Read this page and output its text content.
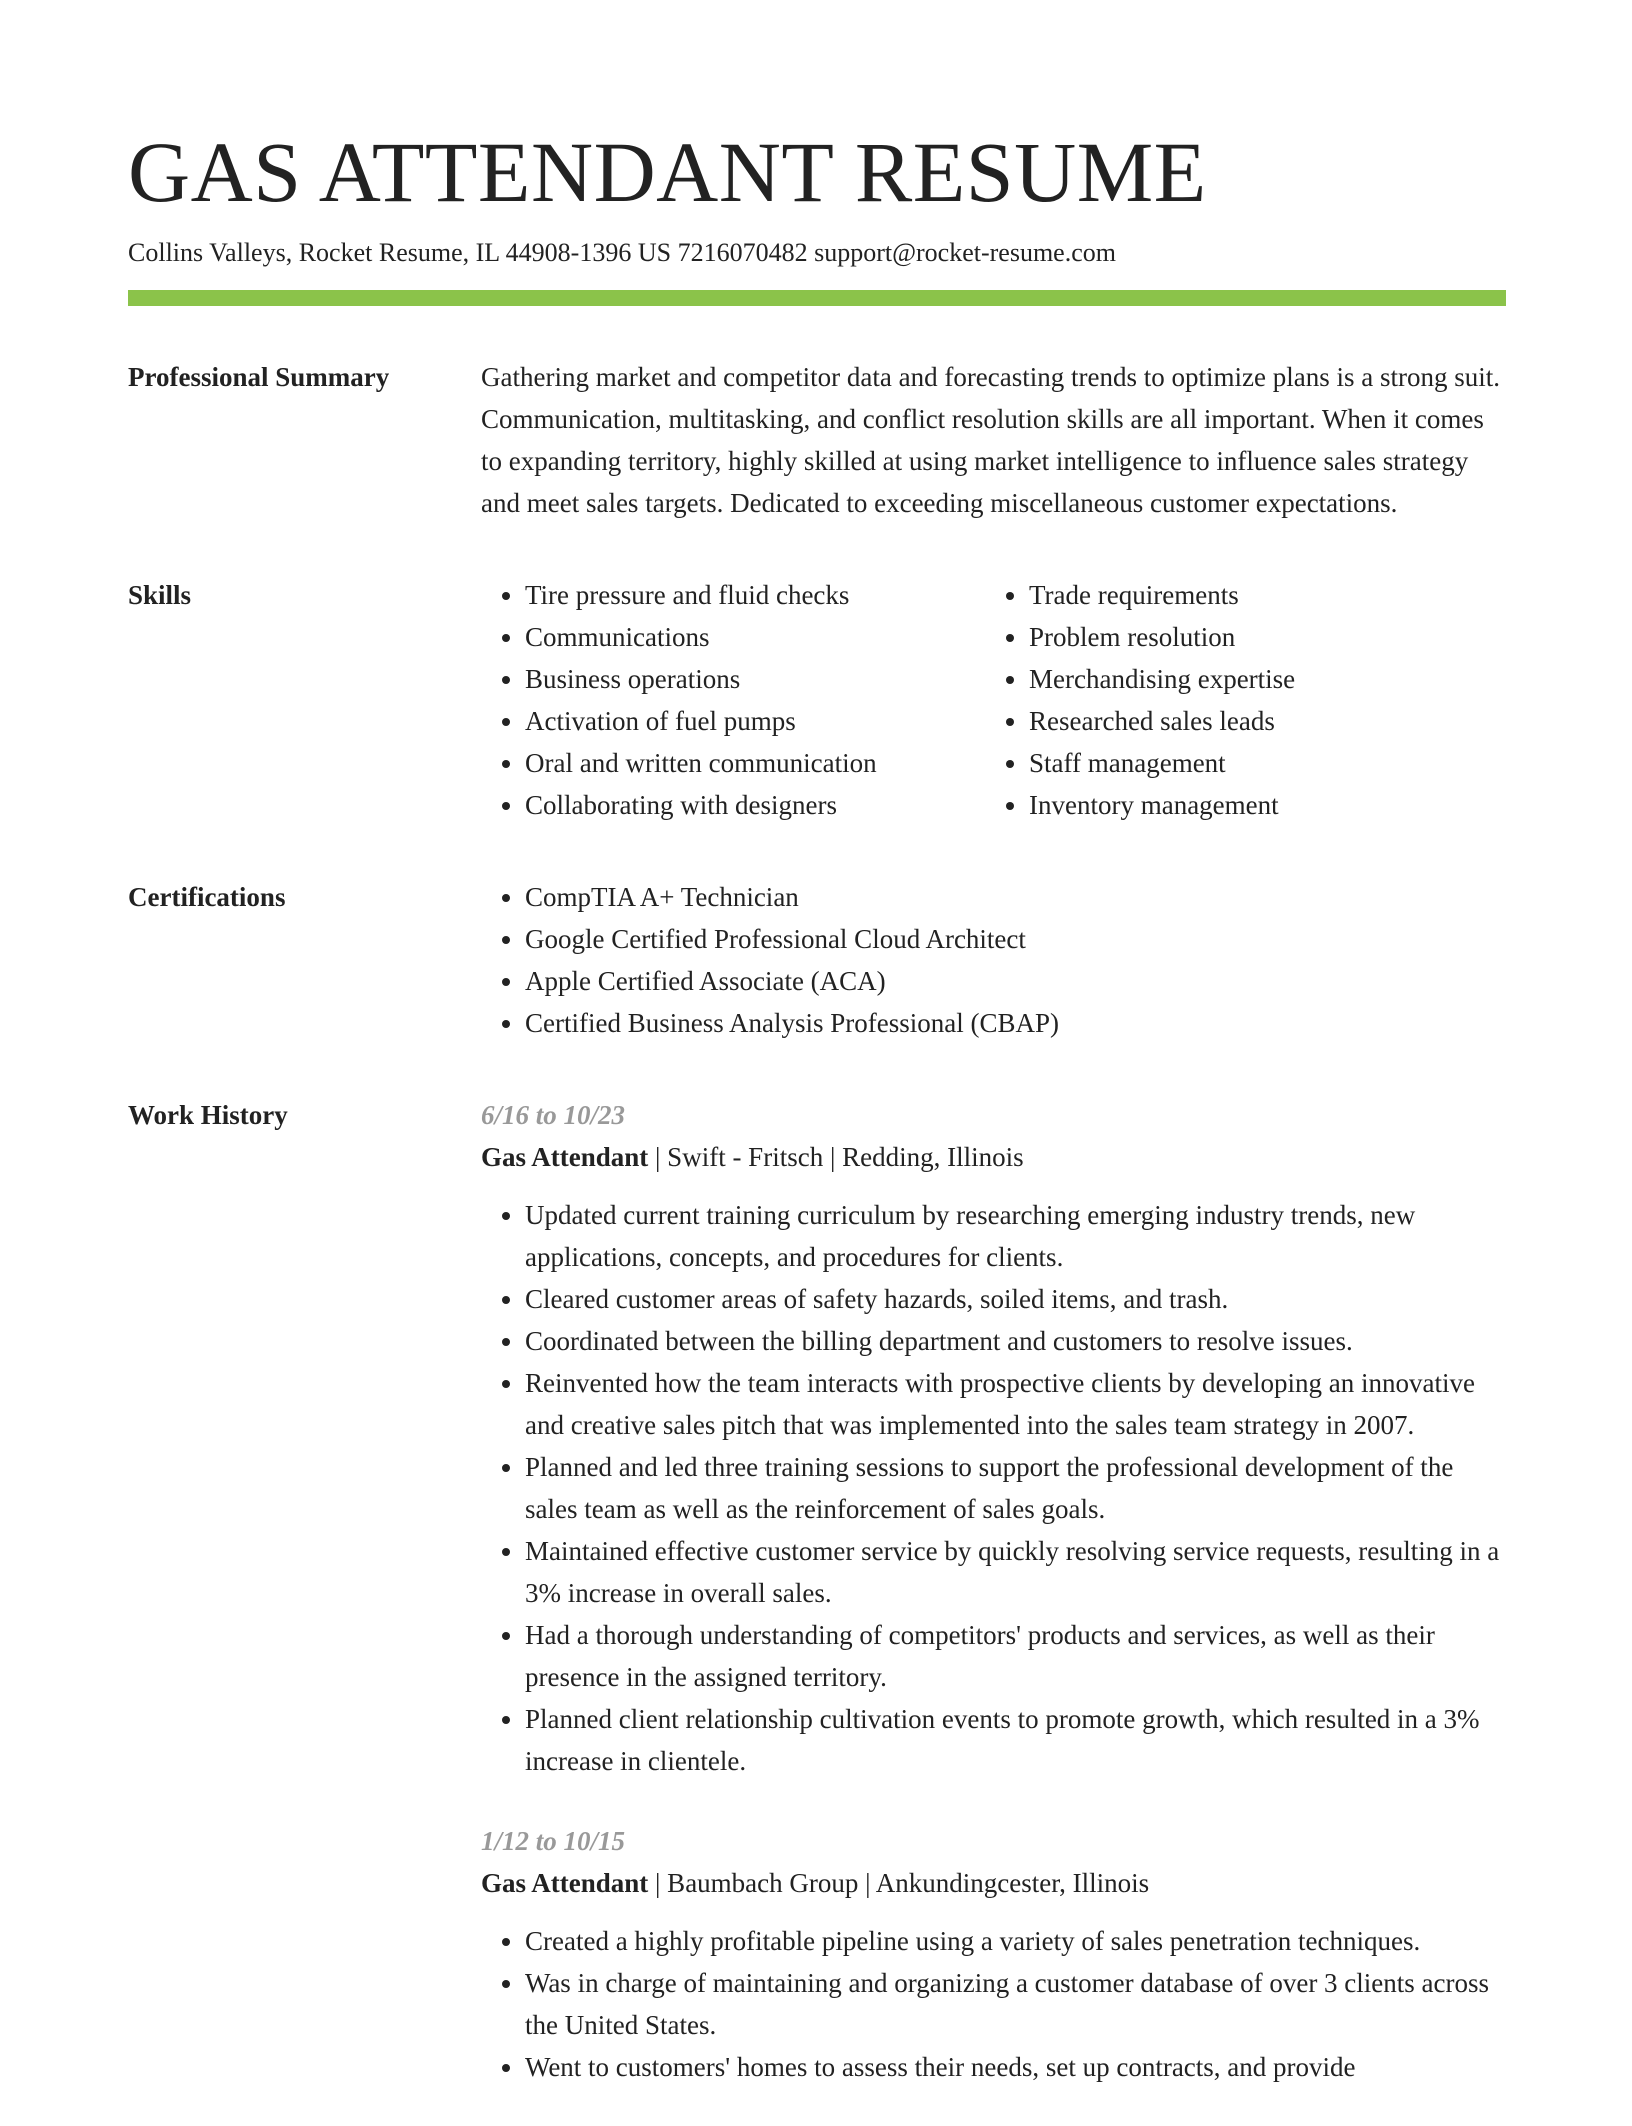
GAS ATTENDANT RESUME
Collins Valleys, Rocket Resume, IL 44908-1396 US 7216070482 support@rocket-resume.com
Professional Summary	Gathering market and competitor data and forecasting trends to optimize plans is a strong suit. Communication, multitasking, and conflict resolution skills are all important. When it comes to expanding territory, highly skilled at using market intelligence to influence sales strategy and meet sales targets. Dedicated to exceeding miscellaneous customer expectations.

Skills	• Tire pressure and fluid checks
• Communications
• Business operations
• Activation of fuel pumps
• Oral and written communication
• Collaborating with designers
• Trade requirements
• Problem resolution
• Merchandising expertise
• Researched sales leads
• Staff management
• Inventory management
Certifications	• CompTIA A+ Technician
• Google Certified Professional Cloud Architect
• Apple Certified Associate (ACA)
• Certified Business Analysis Professional (CBAP)
Work History	6/16 to 10/23
Gas Attendant | Swift - Fritsch | Redding, Illinois
• Updated current training curriculum by researching emerging industry trends, new applications, concepts, and procedures for clients.
• Cleared customer areas of safety hazards, soiled items, and trash.
• Coordinated between the billing department and customers to resolve issues.
• Reinvented how the team interacts with prospective clients by developing an innovative and creative sales pitch that was implemented into the sales team strategy in 2007.
• Planned and led three training sessions to support the professional development of the sales team as well as the reinforcement of sales goals.
• Maintained effective customer service by quickly resolving service requests, resulting in a 3% increase in overall sales.
• Had a thorough understanding of competitors' products and services, as well as their presence in the assigned territory.
• Planned client relationship cultivation events to promote growth, which resulted in a 3% increase in clientele.
1/12 to 10/15
Gas Attendant | Baumbach Group | Ankundingcester, Illinois
• Created a highly profitable pipeline using a variety of sales penetration techniques.
• Was in charge of maintaining and organizing a customer database of over 3 clients across the United States.
• Went to customers' homes to assess their needs, set up contracts, and provide
